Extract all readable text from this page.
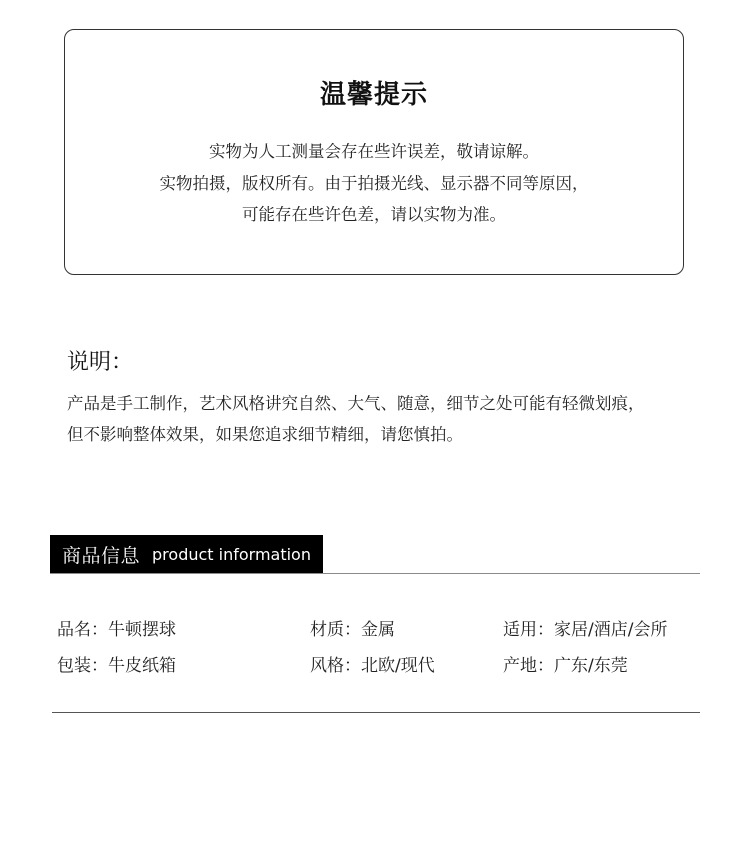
温馨提示
实物为人工测量会存在些许误差，敬请谅解。
实物拍摄，版权所有。由于拍摄光线、显示器不同等原因，
可能存在些许色差，请以实物为准。
说明：
产品是手工制作，艺术风格讲究自然、大气、随意，细节之处可能有轻微划痕，
但不影响整体效果，如果您追求细节精细，请您慎拍。
商品信息 product information
品名：牛顿摆球	材质：金属	适用：家居/酒店/会所
包装：牛皮纸箱	风格：北欧/现代	产地：广东/东莞
